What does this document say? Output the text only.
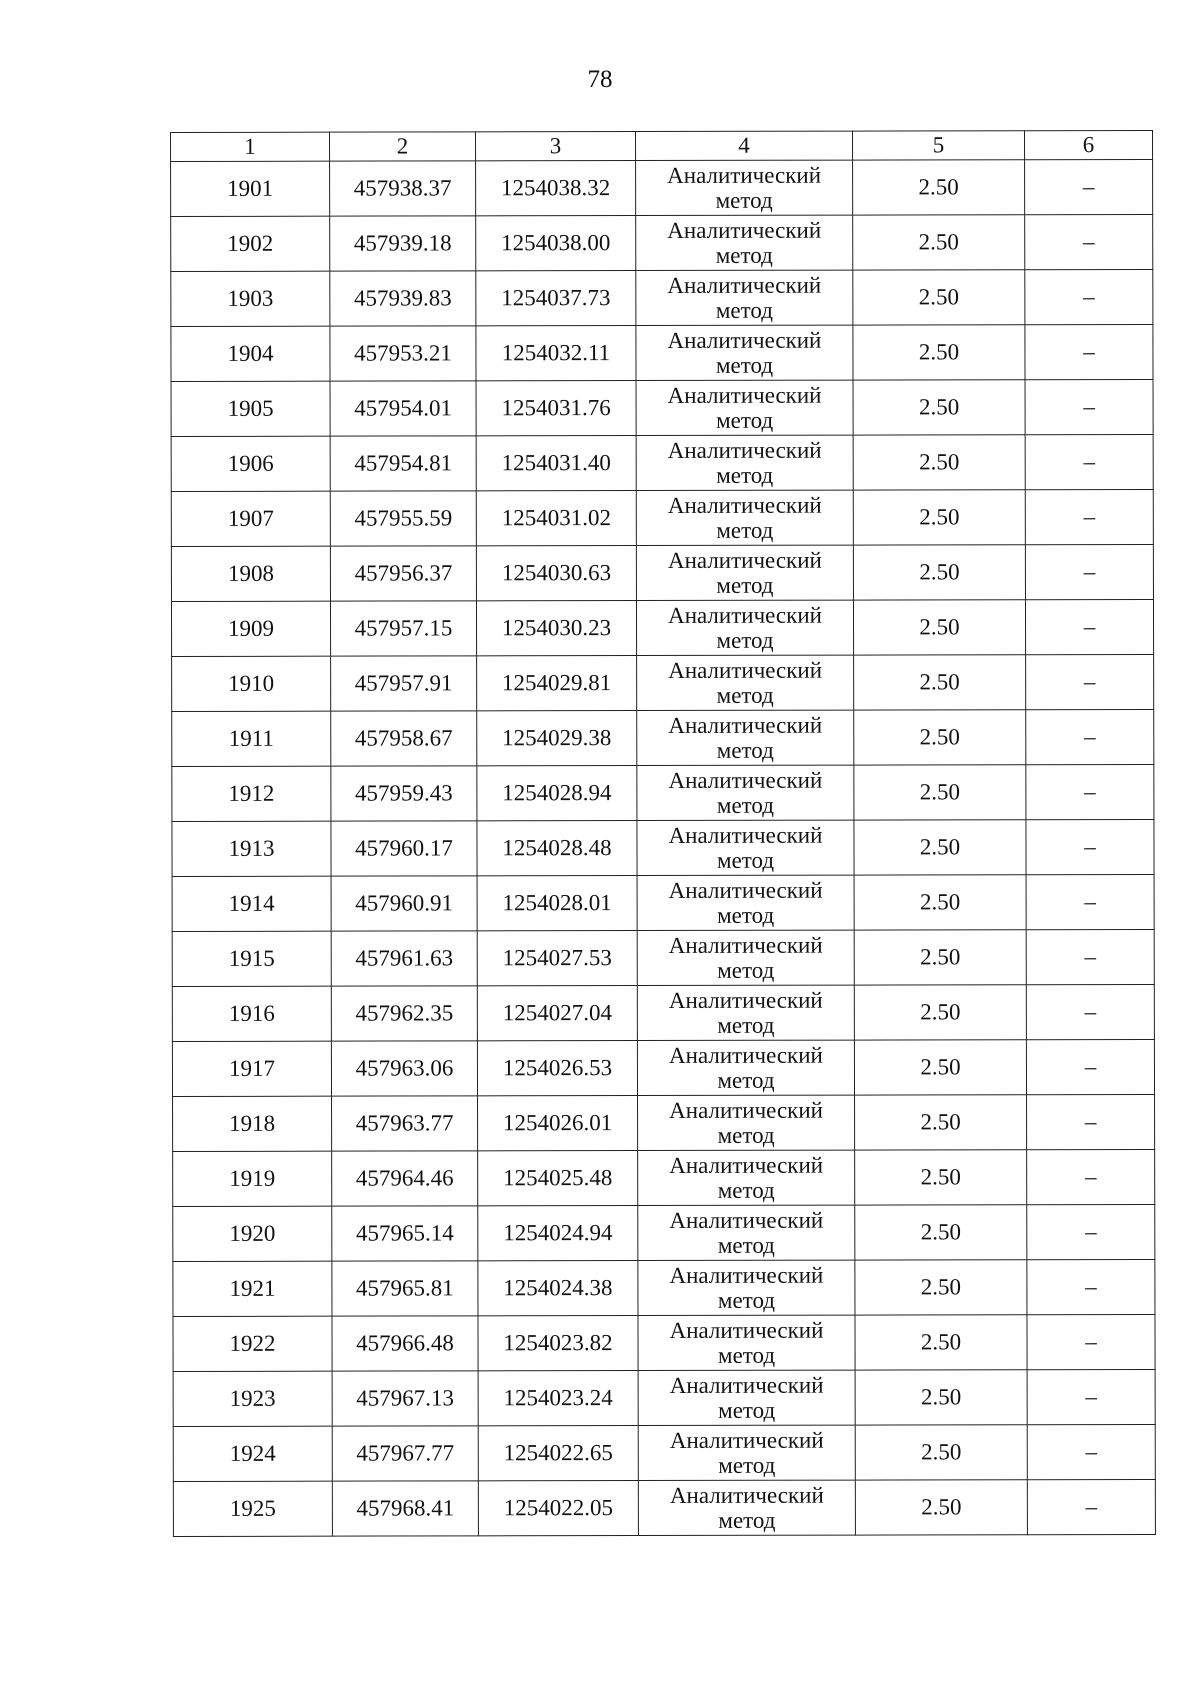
78
1	2	3	4	5	6
1901	457938.37	1254038.32	Аналитический
метод	2.50	–
1902	457939.18	1254038.00	Аналитический
метод	2.50	–
1903	457939.83	1254037.73	Аналитический
метод	2.50	–
1904	457953.21	1254032.11	Аналитический
метод	2.50	–
1905	457954.01	1254031.76	Аналитический
метод	2.50	–
1906	457954.81	1254031.40	Аналитический
метод	2.50	–
1907	457955.59	1254031.02	Аналитический
метод	2.50	–
1908	457956.37	1254030.63	Аналитический
метод	2.50	–
1909	457957.15	1254030.23	Аналитический
метод	2.50	–
1910	457957.91	1254029.81	Аналитический
метод	2.50	–
1911	457958.67	1254029.38	Аналитический
метод	2.50	–
1912	457959.43	1254028.94	Аналитический
метод	2.50	–
1913	457960.17	1254028.48	Аналитический
метод	2.50	–
1914	457960.91	1254028.01	Аналитический
метод	2.50	–
1915	457961.63	1254027.53	Аналитический
метод	2.50	–
1916	457962.35	1254027.04	Аналитический
метод	2.50	–
1917	457963.06	1254026.53	Аналитический
метод	2.50	–
1918	457963.77	1254026.01	Аналитический
метод	2.50	–
1919	457964.46	1254025.48	Аналитический
метод	2.50	–
1920	457965.14	1254024.94	Аналитический
метод	2.50	–
1921	457965.81	1254024.38	Аналитический
метод	2.50	–
1922	457966.48	1254023.82	Аналитический
метод	2.50	–
1923	457967.13	1254023.24	Аналитический
метод	2.50	–
1924	457967.77	1254022.65	Аналитический
метод	2.50	–
1925	457968.41	1254022.05	Аналитический
метод	2.50	–
